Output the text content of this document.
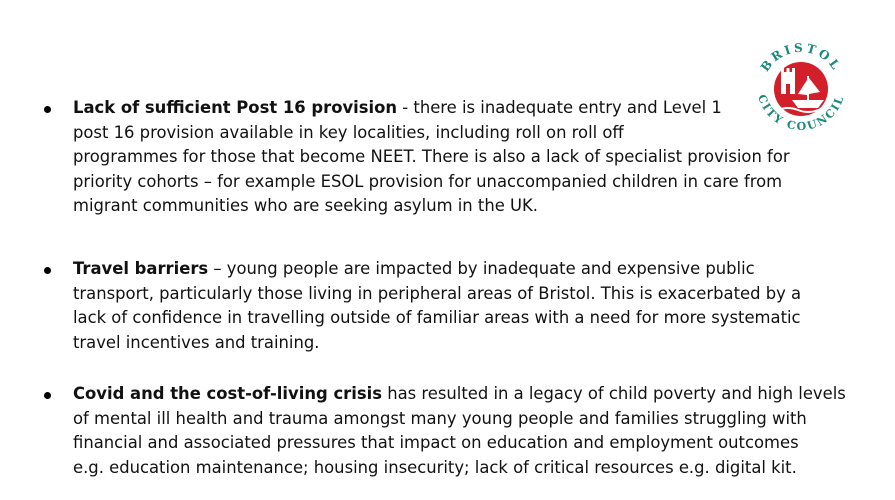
BRISTOL
CITY COUNCIL
Lack of sufficient Post 16 provision - there is inadequate entry and Level 1
post 16 provision available in key localities, including roll on roll off
programmes for those that become NEET. There is also a lack of specialist provision for
priority cohorts – for example ESOL provision for unaccompanied children in care from
migrant communities who are seeking asylum in the UK.
Travel barriers – young people are impacted by inadequate and expensive public
transport, particularly those living in peripheral areas of Bristol. This is exacerbated by a
lack of confidence in travelling outside of familiar areas with a need for more systematic
travel incentives and training.
Covid and the cost-of-living crisis has resulted in a legacy of child poverty and high levels
of mental ill health and trauma amongst many young people and families struggling with
financial and associated pressures that impact on education and employment outcomes
e.g. education maintenance; housing insecurity; lack of critical resources e.g. digital kit.
